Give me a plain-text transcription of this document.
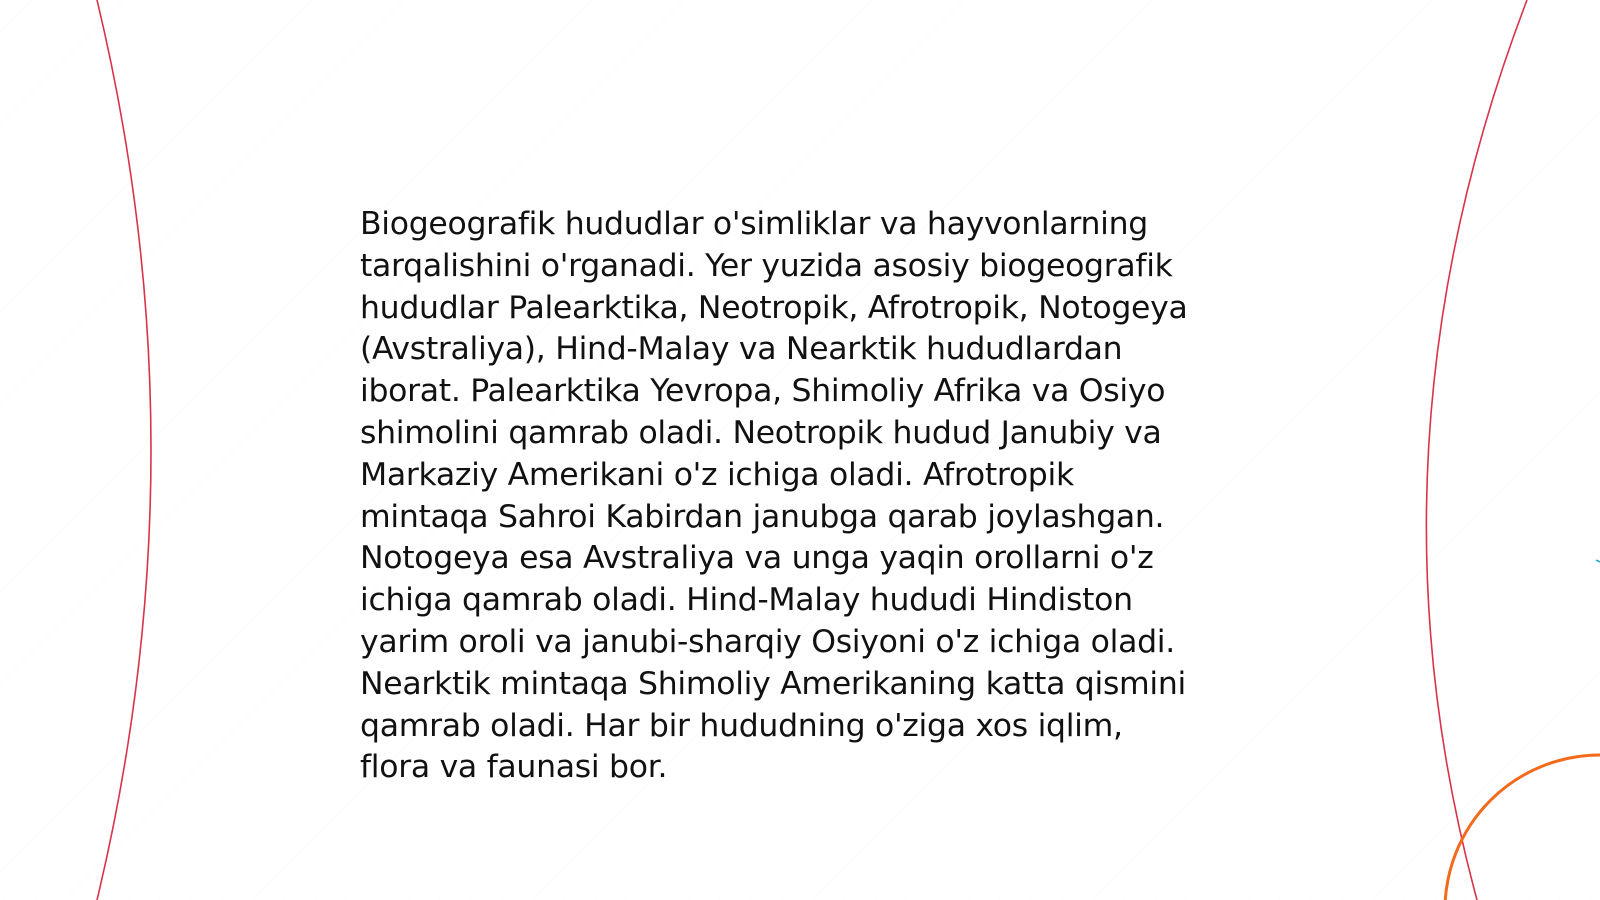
Biogeografik hududlar o'simliklar va hayvonlarning
tarqalishini o'rganadi. Yer yuzida asosiy biogeografik
hududlar Palearktika, Neotropik, Afrotropik, Notogeya
(Avstraliya), Hind-Malay va Nearktik hududlardan
iborat. Palearktika Yevropa, Shimoliy Afrika va Osiyo
shimolini qamrab oladi. Neotropik hudud Janubiy va
Markaziy Amerikani o'z ichiga oladi. Afrotropik
mintaqa Sahroi Kabirdan janubga qarab joylashgan.
Notogeya esa Avstraliya va unga yaqin orollarni o'z
ichiga qamrab oladi. Hind-Malay hududi Hindiston
yarim oroli va janubi-sharqiy Osiyoni o'z ichiga oladi.
Nearktik mintaqa Shimoliy Amerikaning katta qismini
qamrab oladi. Har bir hududning o'ziga xos iqlim,
flora va faunasi bor.
